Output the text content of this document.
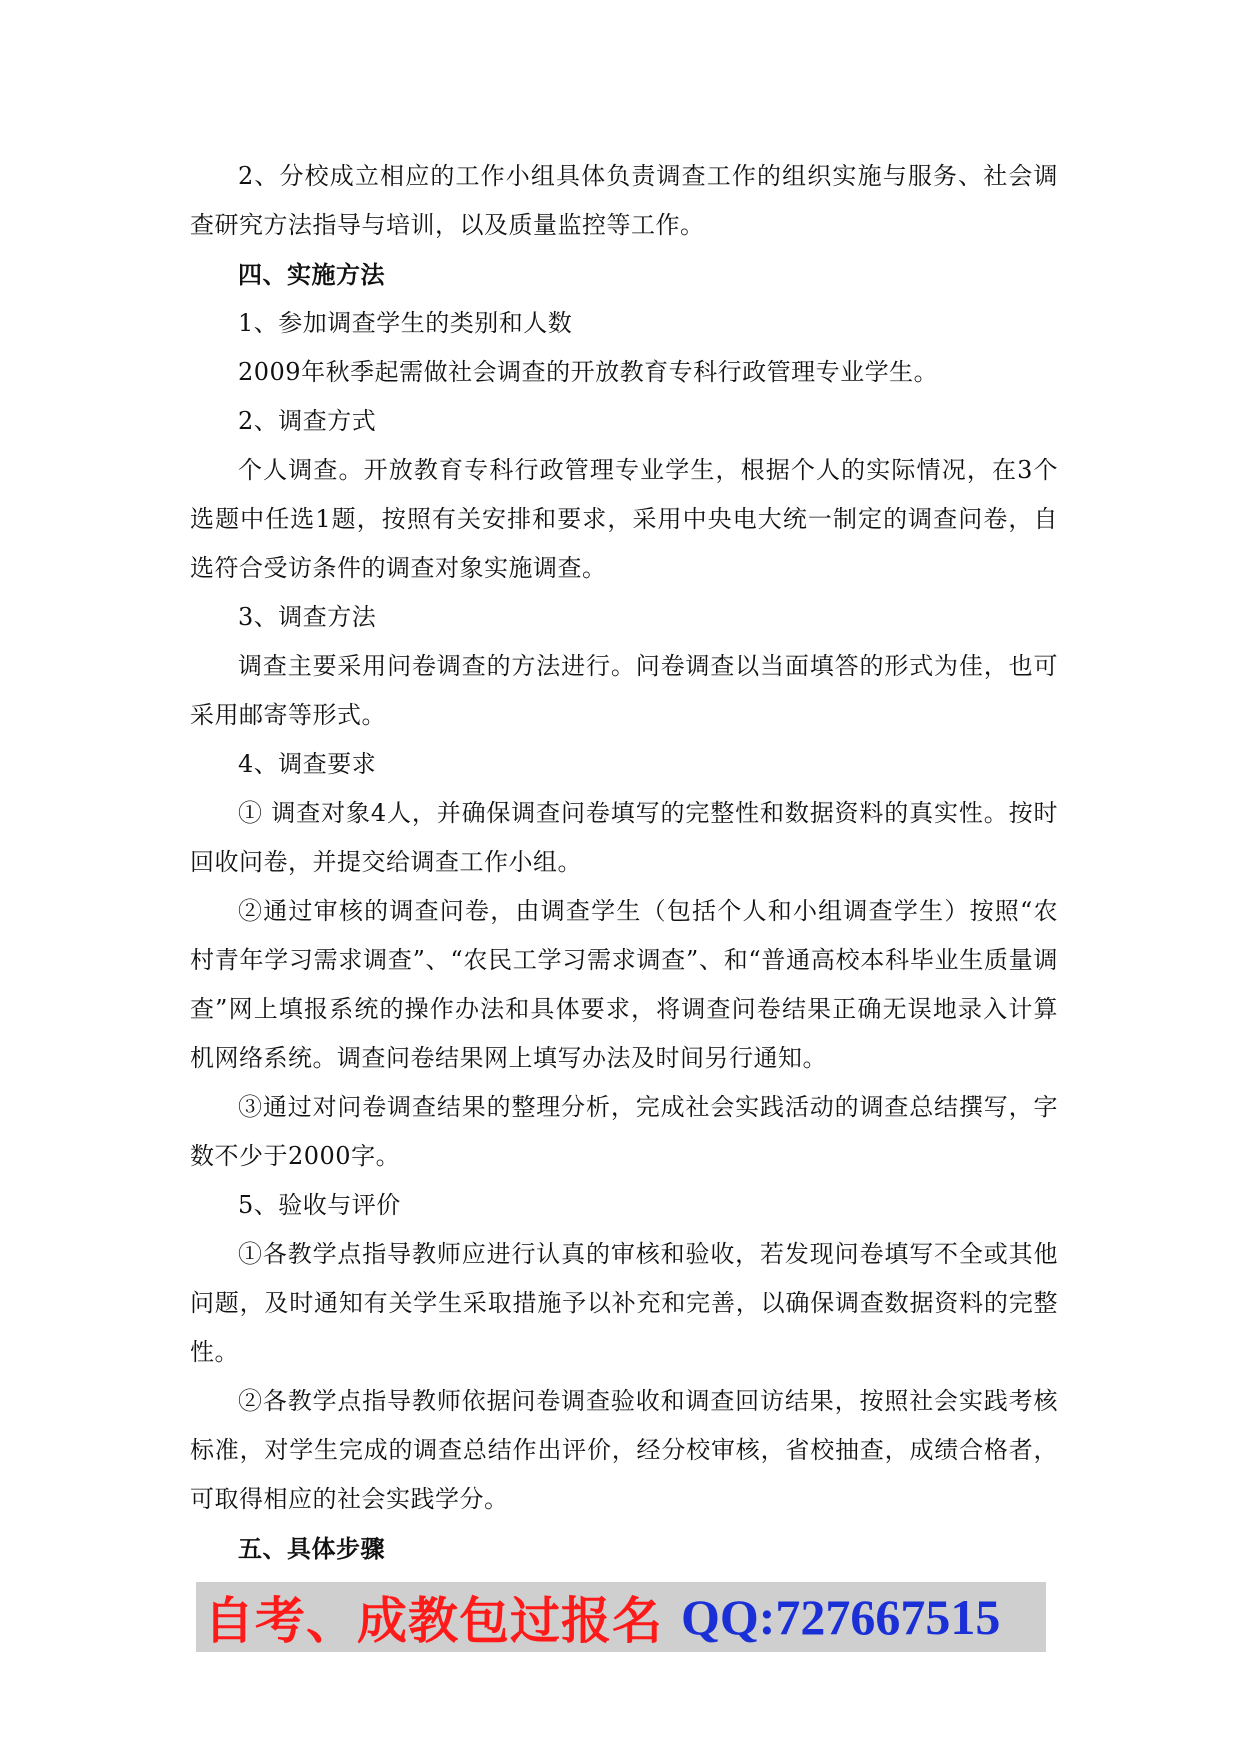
2、分校成立相应的工作小组具体负责调查工作的组织实施与服务、社会调查研究方法指导与培训，以及质量监控等工作。

四、实施方法

1、参加调查学生的类别和人数

2009年秋季起需做社会调查的开放教育专科行政管理专业学生。

2、调查方式

个人调查。开放教育专科行政管理专业学生，根据个人的实际情况，在3个选题中任选1题，按照有关安排和要求，采用中央电大统一制定的调查问卷，自选符合受访条件的调查对象实施调查。

3、调查方法

调查主要采用问卷调查的方法进行。问卷调查以当面填答的形式为佳，也可采用邮寄等形式。

4、调查要求

① 调查对象4人，并确保调查问卷填写的完整性和数据资料的真实性。按时回收问卷，并提交给调查工作小组。

②通过审核的调查问卷，由调查学生（包括个人和小组调查学生）按照“农村青年学习需求调查”、“农民工学习需求调查”、和“普通高校本科毕业生质量调查”网上填报系统的操作办法和具体要求，将调查问卷结果正确无误地录入计算机网络系统。调查问卷结果网上填写办法及时间另行通知。

③通过对问卷调查结果的整理分析，完成社会实践活动的调查总结撰写，字数不少于2000字。

5、验收与评价

①各教学点指导教师应进行认真的审核和验收，若发现问卷填写不全或其他问题，及时通知有关学生采取措施予以补充和完善，以确保调查数据资料的完整性。

②各教学点指导教师依据问卷调查验收和调查回访结果，按照社会实践考核标准，对学生完成的调查总结作出评价，经分校审核，省校抽查，成绩合格者，可取得相应的社会实践学分。

五、具体步骤

自考、成教包过报名 QQ:727667515
